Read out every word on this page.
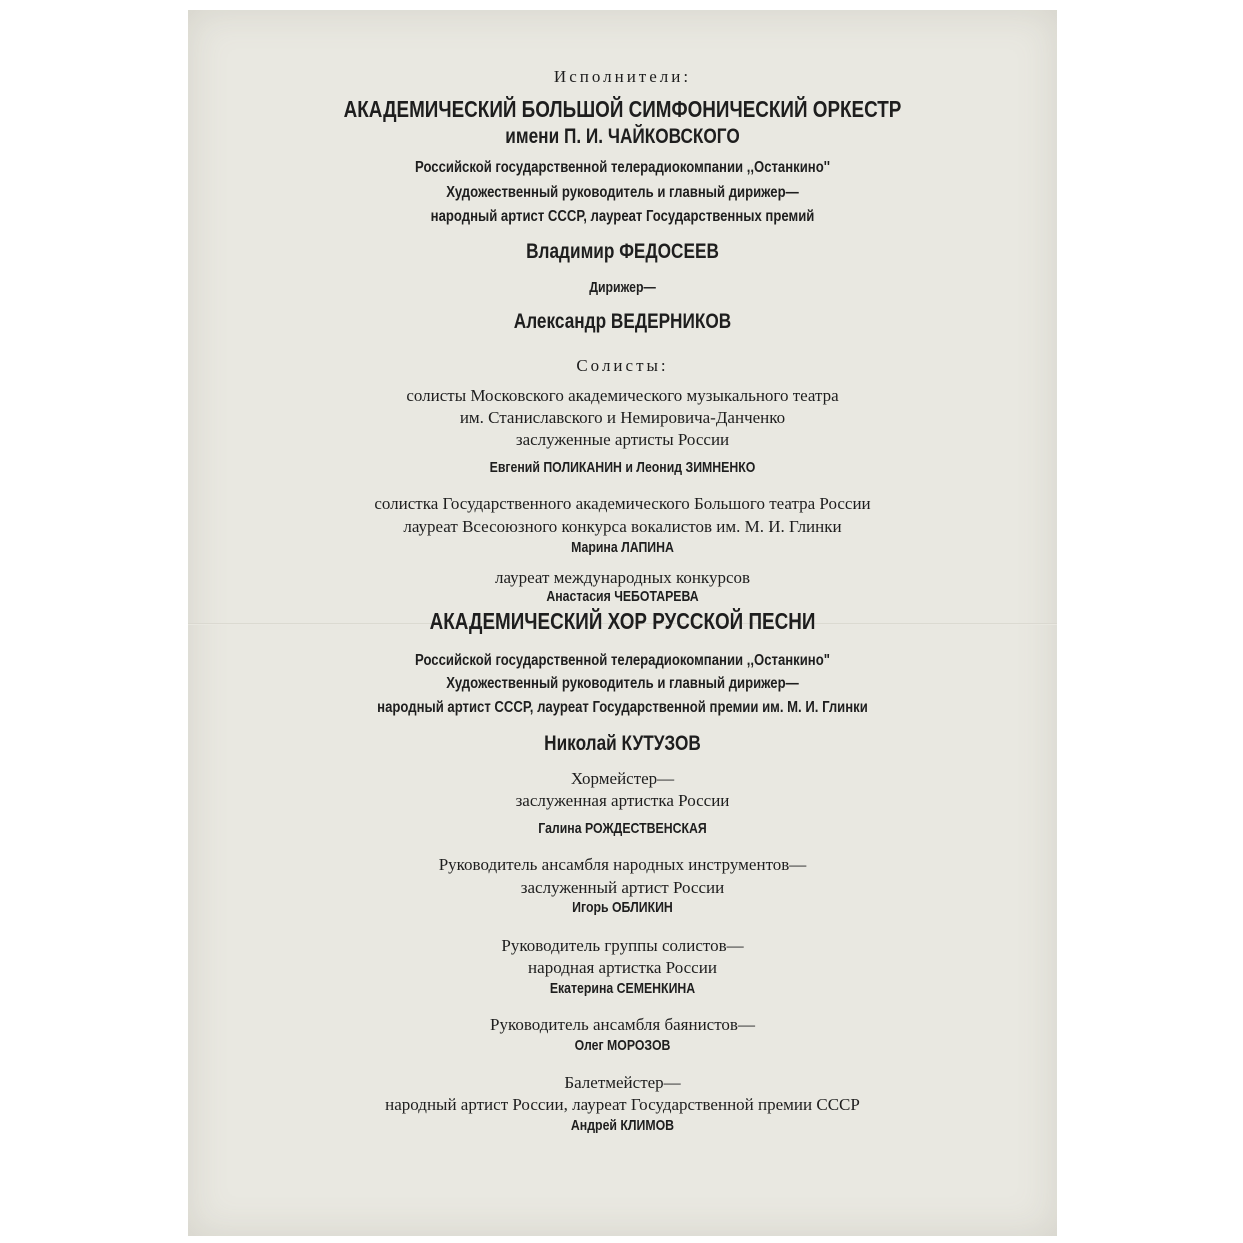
Исполнители:
АКАДЕМИЧЕСКИЙ БОЛЬШОЙ СИМФОНИЧЕСКИЙ ОРКЕСТР
имени П. И. ЧАЙКОВСКОГО
Российской государственной телерадиокомпании ,,Останкино''
Художественный руководитель и главный дирижер—
народный артист СССР, лауреат Государственных премий
Владимир ФЕДОСЕЕВ
Дирижер—
Александр ВЕДЕРНИКОВ
Солисты:
солисты Московского академического музыкального театра
им. Станиславского и Немировича-Данченко
заслуженные артисты России
Евгений ПОЛИКАНИН и Леонид ЗИМНЕНКО
солистка Государственного академического Большого театра России
лауреат Всесоюзного конкурса вокалистов им. М. И. Глинки
Марина ЛАПИНА
лауреат международных конкурсов
Анастасия ЧЕБОТАРЕВА
АКАДЕМИЧЕСКИЙ ХОР РУССКОЙ ПЕСНИ
Российской государственной телерадиокомпании ,,Останкино"
Художественный руководитель и главный дирижер—
народный артист СССР, лауреат Государственной премии им. М. И. Глинки
Николай КУТУЗОВ
Хормейстер—
заслуженная артистка России
Галина РОЖДЕСТВЕНСКАЯ
Руководитель ансамбля народных инструментов—
заслуженный артист России
Игорь ОБЛИКИН
Руководитель группы солистов—
народная артистка России
Екатерина СЕМЕНКИНА
Руководитель ансамбля баянистов—
Олег МОРОЗОВ
Балетмейстер—
народный артист России, лауреат Государственной премии СССР
Андрей КЛИМОВ
